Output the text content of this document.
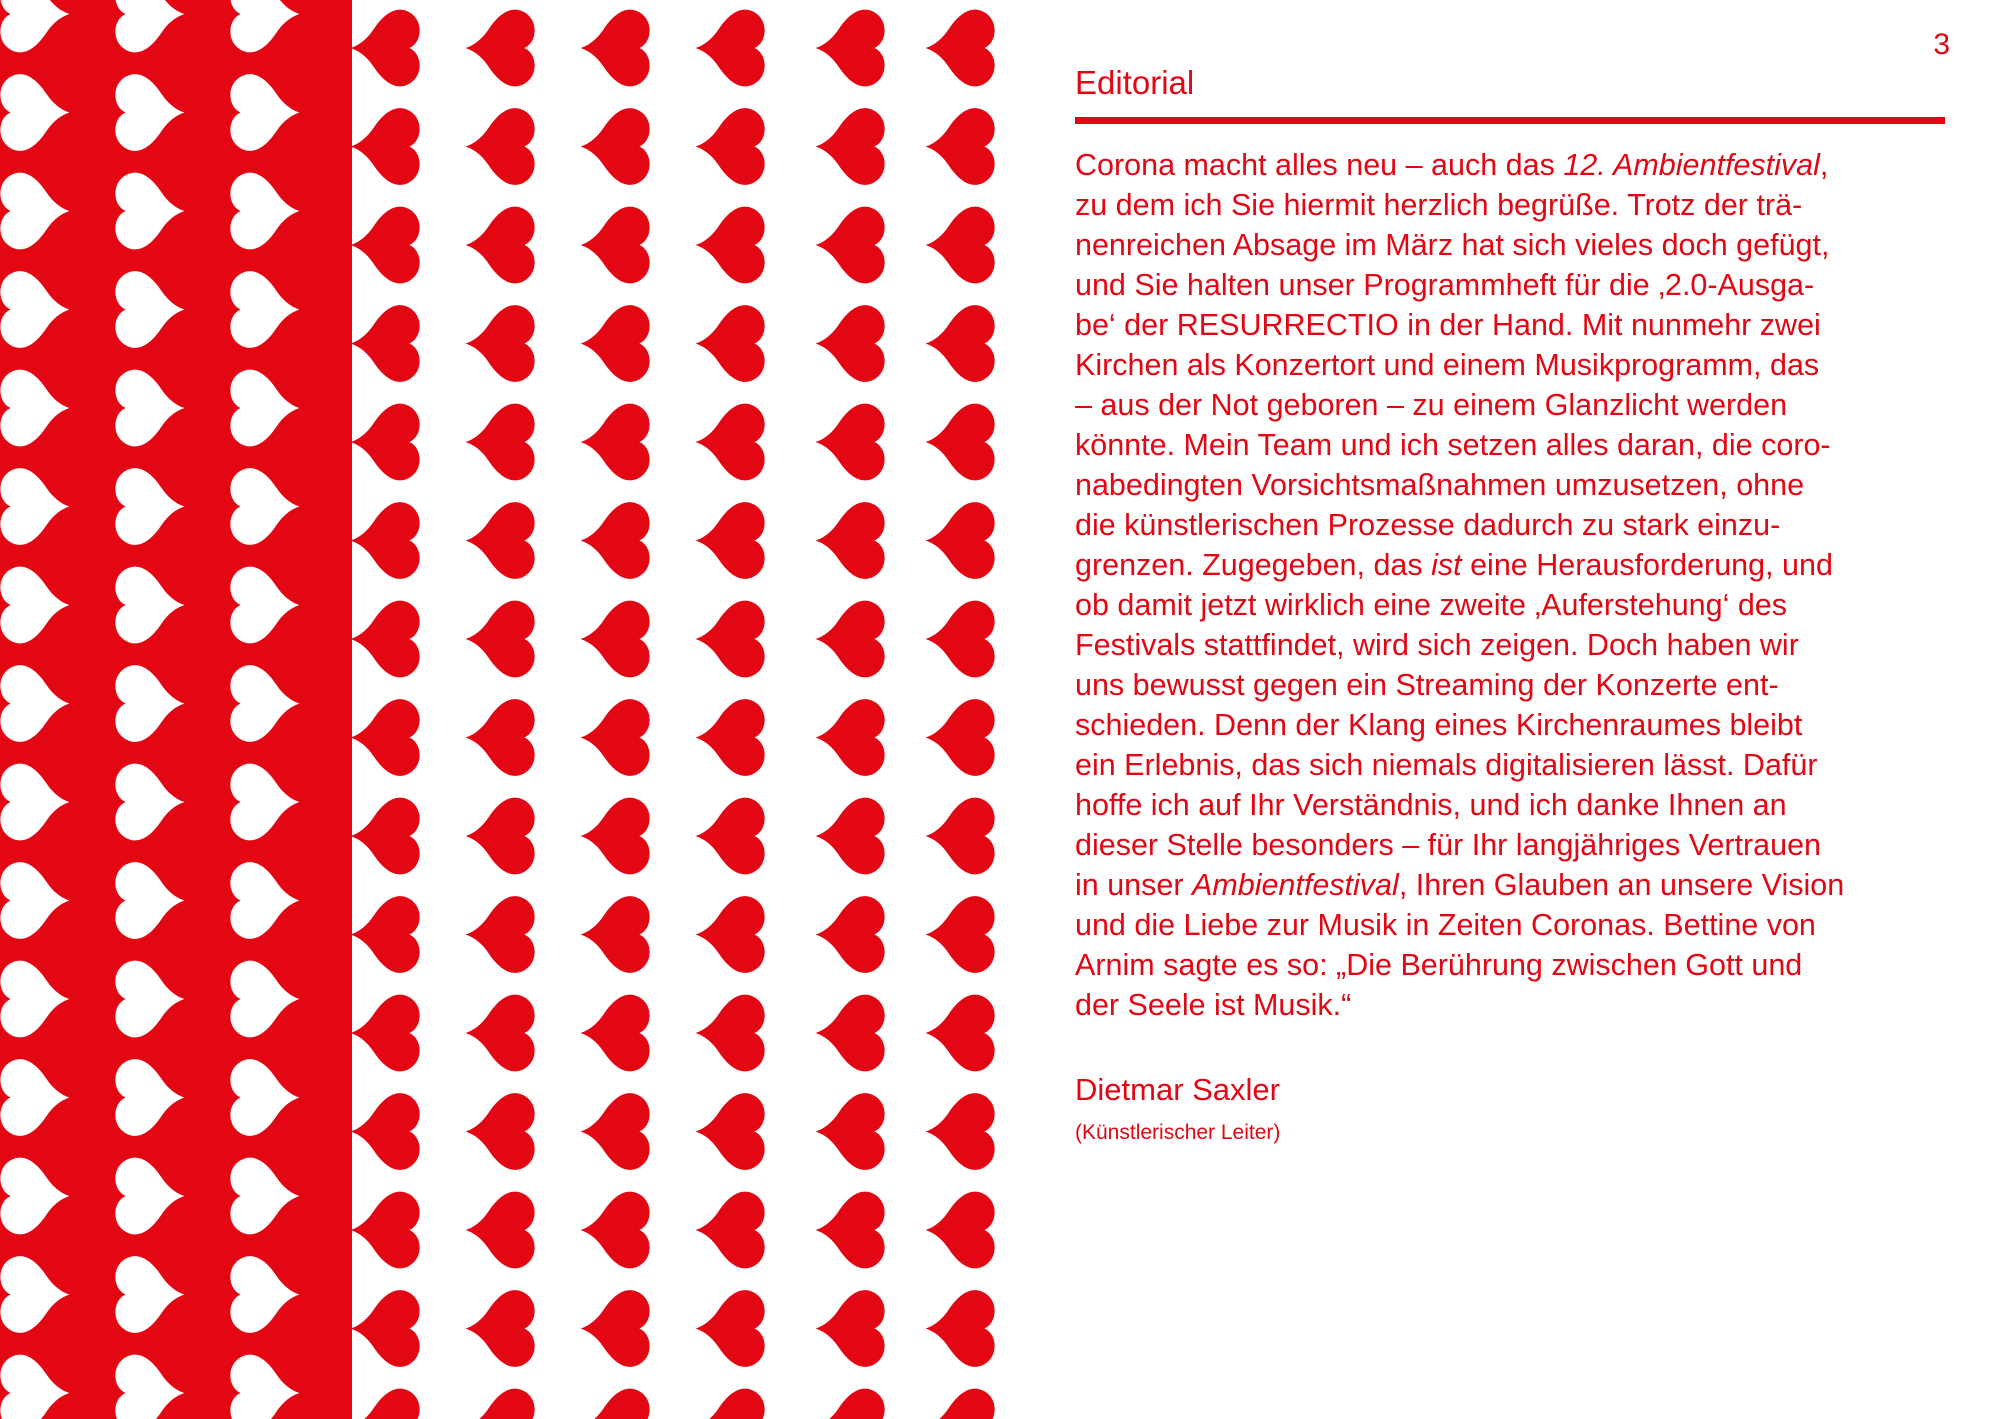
3

Editorial
Corona macht alles neu – auch das 12. Ambientfestival,
zu dem ich Sie hiermit herzlich begrüße. Trotz der trä-
nenreichen Absage im März hat sich vieles doch gefügt,
und Sie halten unser Programmheft für die ‚2.0-Ausga-
be‘ der RESURRECTIO in der Hand. Mit nunmehr zwei
Kirchen als Konzertort und einem Musikprogramm, das
– aus der Not geboren – zu einem Glanzlicht werden
könnte. Mein Team und ich setzen alles daran, die coro-
nabedingten Vorsichtsmaßnahmen umzusetzen, ohne
die künstlerischen Prozesse dadurch zu stark einzu-
grenzen. Zugegeben, das ist eine Herausforderung, und
ob damit jetzt wirklich eine zweite ‚Auferstehung‘ des
Festivals stattfindet, wird sich zeigen. Doch haben wir
uns bewusst gegen ein Streaming der Konzerte ent-
schieden. Denn der Klang eines Kirchenraumes bleibt
ein Erlebnis, das sich niemals digitalisieren lässt. Dafür
hoffe ich auf Ihr Verständnis, und ich danke Ihnen an
dieser Stelle besonders – für Ihr langjähriges Vertrauen
in unser Ambientfestival, Ihren Glauben an unsere Vision
und die Liebe zur Musik in Zeiten Coronas. Bettine von
Arnim sagte es so: „Die Berührung zwischen Gott und
der Seele ist Musik.“

Dietmar Saxler

(Künstlerischer Leiter)
